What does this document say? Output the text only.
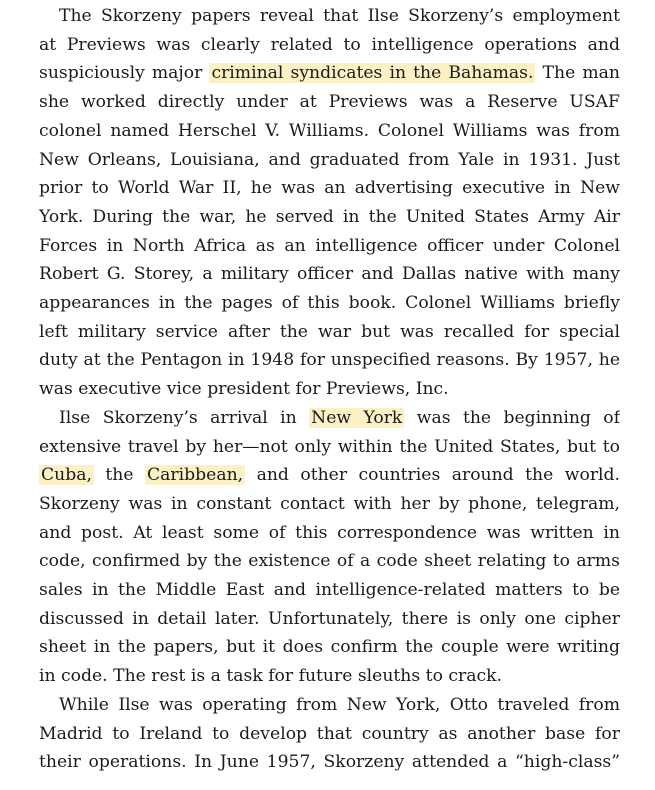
The Skorzeny papers reveal that Ilse Skorzeny’s employment
at Previews was clearly related to intelligence operations and
suspiciously major criminal syndicates in the Bahamas. The man
she worked directly under at Previews was a Reserve USAF
colonel named Herschel V. Williams. Colonel Williams was from
New Orleans, Louisiana, and graduated from Yale in 1931. Just
prior to World War II, he was an advertising executive in New
York. During the war, he served in the United States Army Air
Forces in North Africa as an intelligence officer under Colonel
Robert G. Storey, a military officer and Dallas native with many
appearances in the pages of this book. Colonel Williams briefly
left military service after the war but was recalled for special
duty at the Pentagon in 1948 for unspecified reasons. By 1957, he
was executive vice president for Previews, Inc.
Ilse Skorzeny’s arrival in New York was the beginning of
extensive travel by her—not only within the United States, but to
Cuba, the Caribbean, and other countries around the world.
Skorzeny was in constant contact with her by phone, telegram,
and post. At least some of this correspondence was written in
code, confirmed by the existence of a code sheet relating to arms
sales in the Middle East and intelligence-related matters to be
discussed in detail later. Unfortunately, there is only one cipher
sheet in the papers, but it does confirm the couple were writing
in code. The rest is a task for future sleuths to crack.
While Ilse was operating from New York, Otto traveled from
Madrid to Ireland to develop that country as another base for
their operations. In June 1957, Skorzeny attended a “high-class”
